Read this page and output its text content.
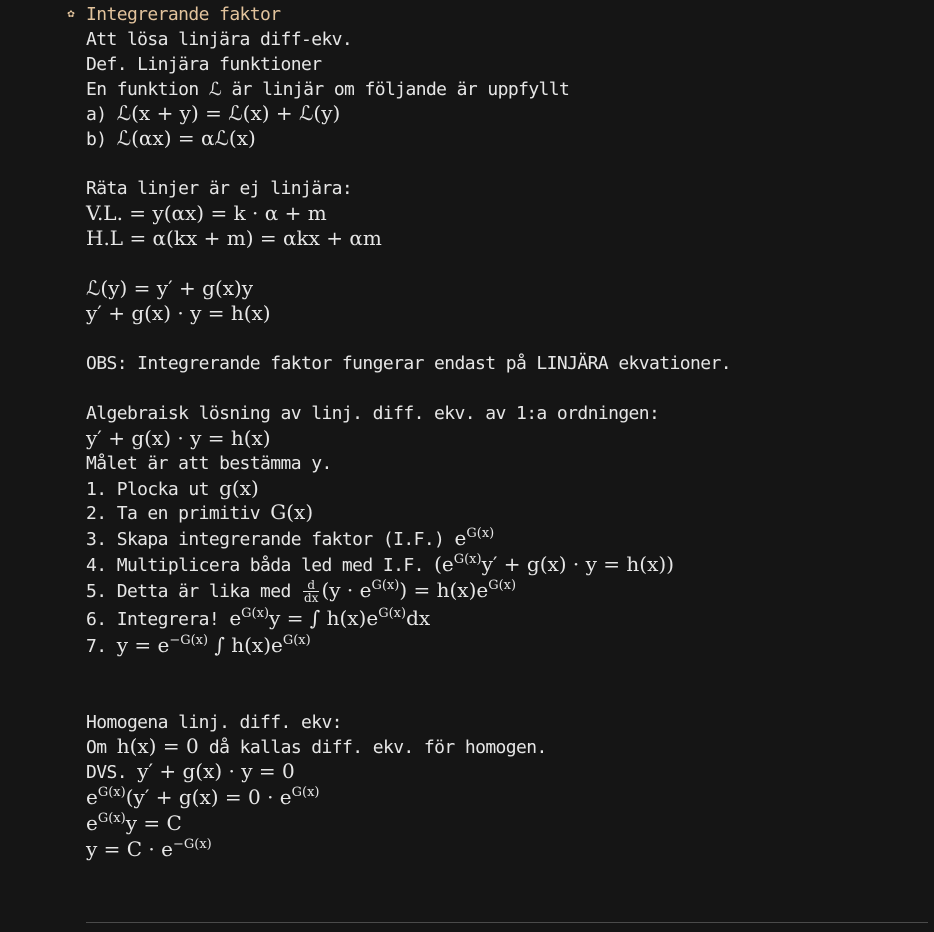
✿ Integrerande faktor
Att lösa linjära diff-ekv.
Def. Linjära funktioner
En funktion ℒ är linjär om följande är uppfyllt
a) ℒ(x + y) = ℒ(x) + ℒ(y)
b) ℒ(αx) = αℒ(x)
Räta linjer är ej linjära:
V.L. = y(αx) = k · α + m
H.L = α(kx + m) = αkx + αm
ℒ(y) = y′ + g(x)y
y′ + g(x) · y = h(x)
OBS: Integrerande faktor fungerar endast på LINJÄRA ekvationer.
Algebraisk lösning av linj. diff. ekv. av 1:a ordningen:
y′ + g(x) · y = h(x)
Målet är att bestämma y.
1. Plocka ut g(x)
2. Ta en primitiv G(x)
3. Skapa integrerande faktor (I.F.) $e^{G(x)}$
4. Multiplicera båda led med I.F. $(e^{G(x)}y' + g(x) \cdot y = h(x))$
5. Detta är lika med $\frac{d}{dx} (y \cdot e^{G(x)}) = h(x)e^{G(x)}$
6. Integrera! $e^{G(x)}y$ = ∫ $h(x)e^{G(x)}dx$
7. $y = e^{-G(x)}$ ∫ $h(x)e^{G(x)}$
Homogena linj. diff. ekv:
Om h(x) = 0 då kallas diff. ekv. för homogen.
DVS. y′ + g(x) · y = 0
$e^{G(x)}(y' + g(x) = 0 \cdot e^{G(x)}$
$e^{G(x)}y = C$
$y = C \cdot e^{-G(x)}$
